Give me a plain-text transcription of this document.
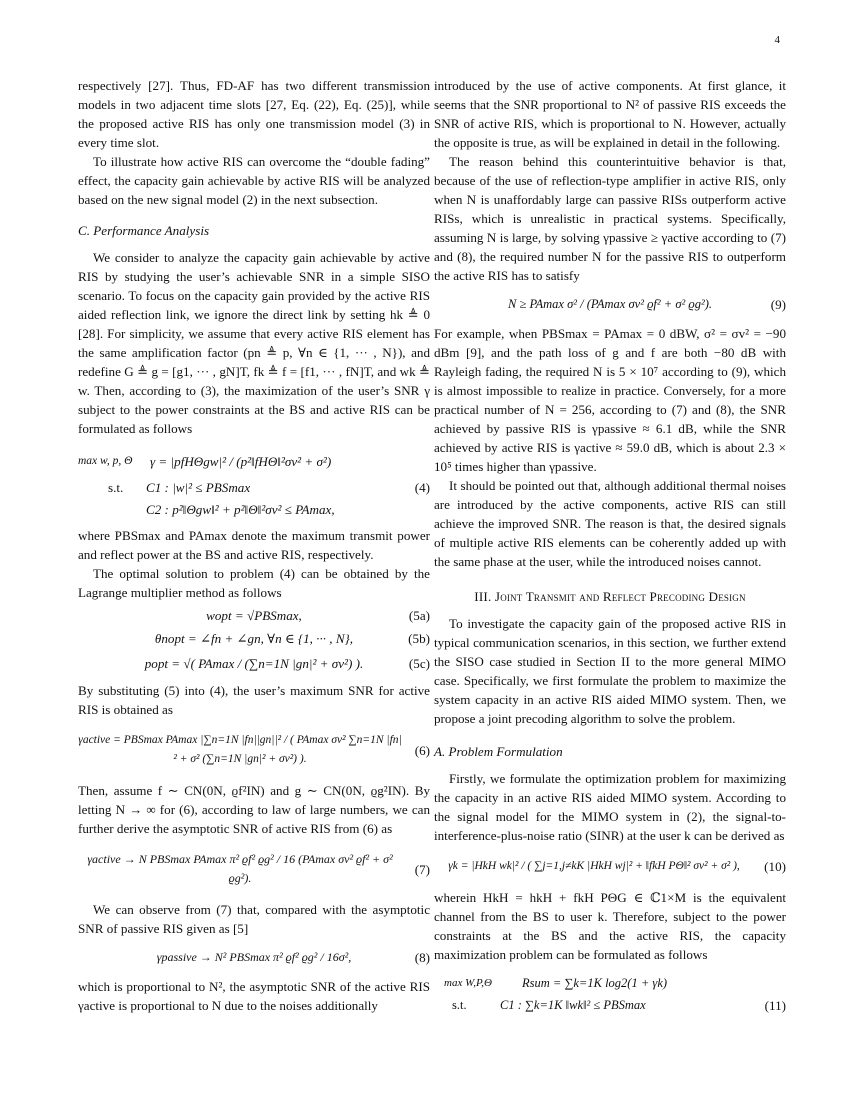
4

respectively [27]. Thus, FD-AF has two different transmission models in two adjacent time slots [27, Eq. (22), Eq. (25)], while the proposed active RIS has only one transmission model (3) in every time slot.

To illustrate how active RIS can overcome the “double fading” effect, the capacity gain achievable by active RIS will be analyzed based on the new signal model (2) in the next subsection.

C. Performance Analysis

We consider to analyze the capacity gain achievable by active RIS by studying the user’s achievable SNR in a simple SISO scenario. To focus on the capacity gain provided by the active RIS aided reflection link, we ignore the direct link by setting hk ≜ 0 [28]. For simplicity, we assume that every active RIS element has the same amplification factor (pn ≜ p, ∀n ∈ {1, ··· , N}), and redefine G ≜ g = [g1, ··· , gN]T, fk ≜ f = [f1, ··· , fN]T, and wk ≜ w. Then, according to (3), the maximization of the user’s SNR γ subject to the power constraints at the BS and active RIS can be formulated as follows

max w, p, Θ	γ = |pfHΘgw|² / (p²‖fHΘ‖²σv² + σ²)
s.t.	C1 : |w|² ≤ PBSmax	(4)
C2 : p²‖Θgw‖² + p²‖Θ‖²σv² ≤ PAmax,

where PBSmax and PAmax denote the maximum transmit power and reflect power at the BS and active RIS, respectively.

The optimal solution to problem (4) can be obtained by the Lagrange multiplier method as follows

wopt = √PBSmax,	(5a)
θnopt = ∠fn + ∠gn, ∀n ∈ {1, ··· , N},	(5b)
popt = √( PAmax / (∑n=1N |gn|² + σv²) ).	(5c)

By substituting (5) into (4), the user’s maximum SNR for active RIS is obtained as

γactive = PBSmax PAmax |∑n=1N |fn||gn||² / ( PAmax σv² ∑n=1N |fn|² + σ² (∑n=1N |gn|² + σv²) ).
(6)

Then, assume f ∼ CN(0N, ϱf²IN) and g ∼ CN(0N, ϱg²IN). By letting N → ∞ for (6), according to law of large numbers, we can further derive the asymptotic SNR of active RIS from (6) as

γactive → N PBSmax PAmax π² ϱf² ϱg² / 16 (PAmax σv² ϱf² + σ² ϱg²).
(7)

We can observe from (7) that, compared with the asymptotic SNR of passive RIS given as [5]

γpassive → N² PBSmax π² ϱf² ϱg² / 16σ²,	(8)

which is proportional to N², the asymptotic SNR of the active RIS γactive is proportional to N due to the noises additionally

introduced by the use of active components. At first glance, it seems that the SNR proportional to N² of passive RIS exceeds the SNR of active RIS, which is proportional to N. However, actually the opposite is true, as will be explained in detail in the following.

The reason behind this counterintuitive behavior is that, because of the use of reflection-type amplifier in active RIS, only when N is unaffordably large can passive RISs outperform active RISs, which is unrealistic in practical systems. Specifically, assuming N is large, by solving γpassive ≥ γactive according to (7) and (8), the required number N for the passive RIS to outperform the active RIS has to satisfy

N ≥ PAmax σ² / (PAmax σv² ϱf² + σ² ϱg²).	(9)

For example, when PBSmax = PAmax = 0 dBW, σ² = σv² = −90 dBm [9], and the path loss of g and f are both −80 dB with Rayleigh fading, the required N is 5 × 10⁷ according to (9), which is almost impossible to realize in practice. Conversely, for a more practical number of N = 256, according to (7) and (8), the SNR achieved by passive RIS is γpassive ≈ 6.1 dB, while the SNR achieved by active RIS is γactive ≈ 59.0 dB, which is about 2.3 × 10⁵ times higher than γpassive.

It should be pointed out that, although additional thermal noises are introduced by the active components, active RIS can still achieve the improved SNR. The reason is that, the desired signals of multiple active RIS elements can be coherently added up with the same phase at the user, while the introduced noises cannot.

III. Joint Transmit and Reflect Precoding Design

To investigate the capacity gain of the proposed active RIS in typical communication scenarios, in this section, we further extend the SISO case studied in Section II to the more general MIMO case. Specifically, we first formulate the problem to maximize the system capacity in an active RIS aided MIMO system. Then, we propose a joint precoding algorithm to solve the problem.

A. Problem Formulation

Firstly, we formulate the optimization problem for maximizing the capacity in an active RIS aided MIMO system. According to the signal model for the MIMO system in (2), the signal-to-interference-plus-noise ratio (SINR) at the user k can be derived as

γk = |HkH wk|² / ( ∑j=1,j≠kK |HkH wj|² + ‖fkH PΘ‖² σv² + σ² ), (10)

wherein HkH = hkH + fkH PΘG ∈ ℂ1×M is the equivalent channel from the BS to user k. Therefore, subject to the power constraints at the BS and the active RIS, the capacity maximization problem can be formulated as follows

max W,P,Θ	Rsum = ∑k=1K log2(1 + γk)
s.t.	C1 : ∑k=1K ‖wk‖² ≤ PBSmax	(11)
